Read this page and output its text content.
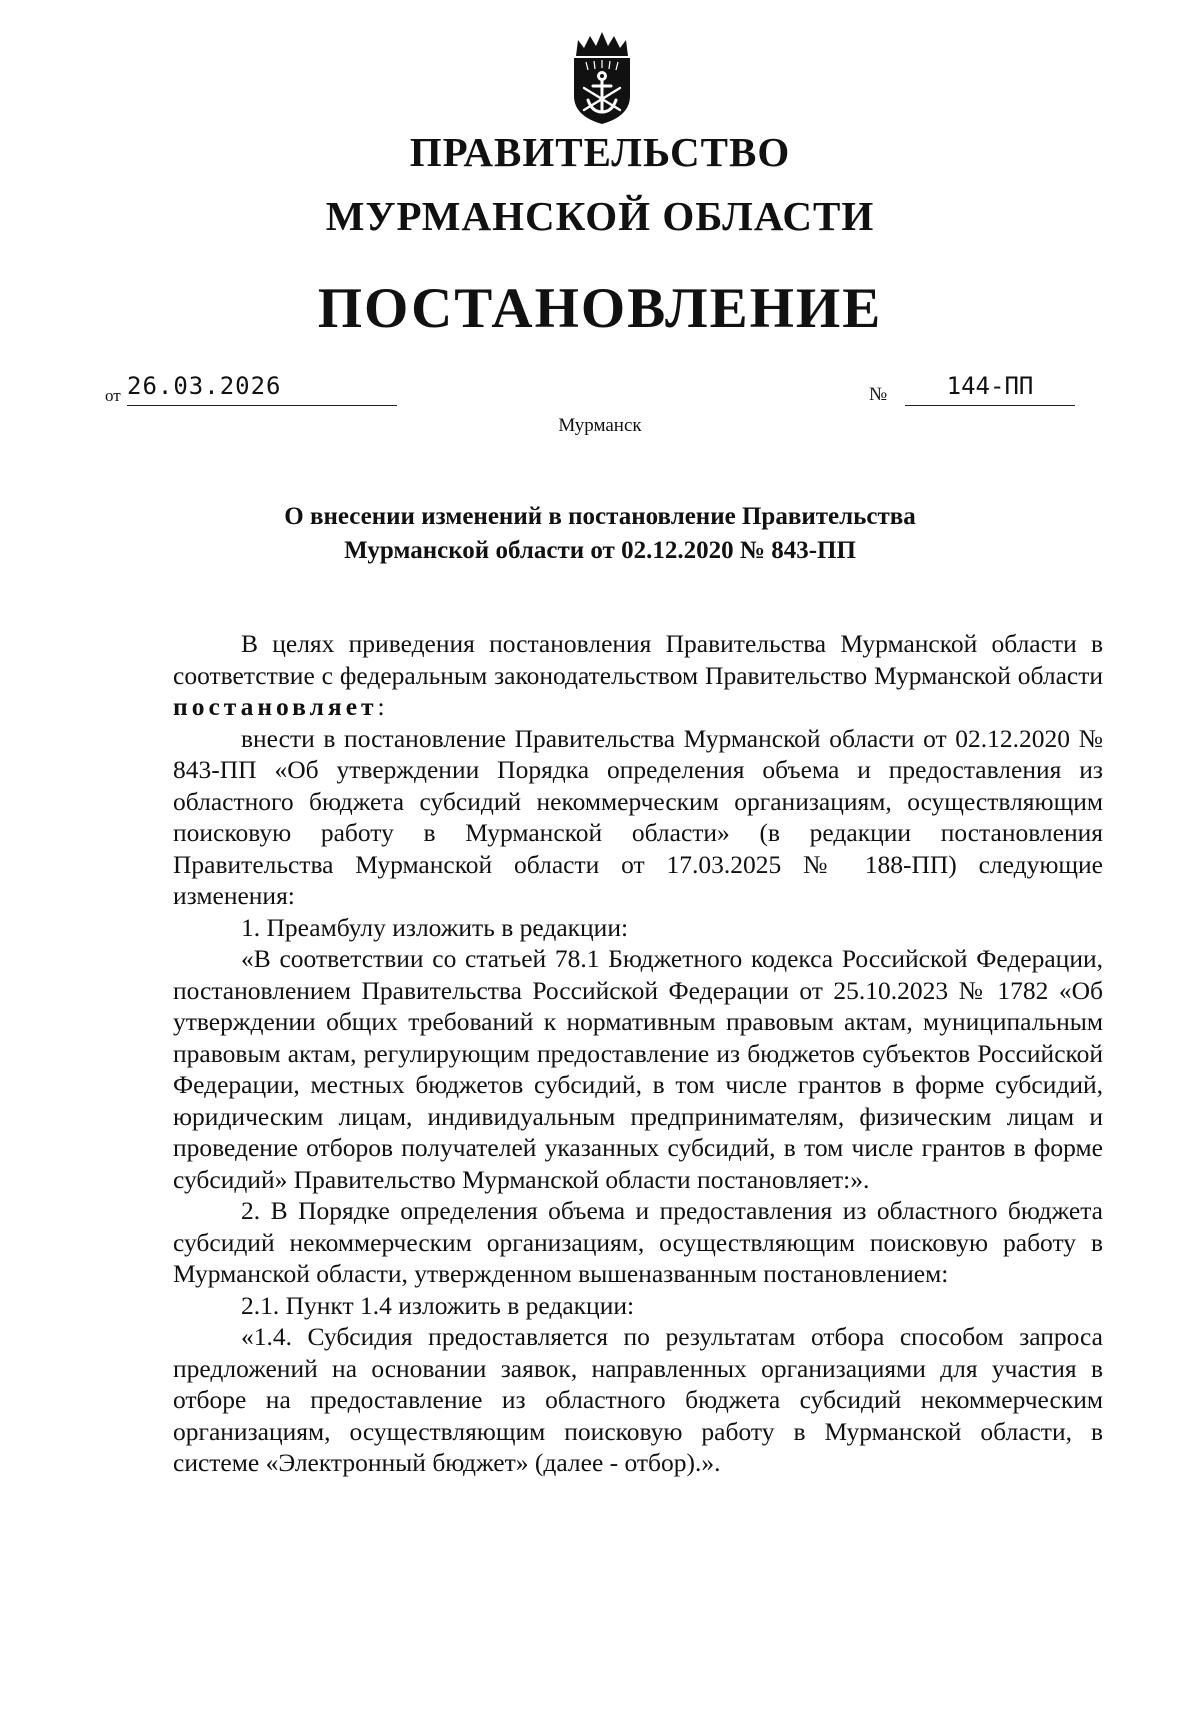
ПРАВИТЕЛЬСТВО
МУРМАНСКОЙ ОБЛАСТИ
ПОСТАНОВЛЕНИЕ
от 26.03.2026	№	144-ПП
Мурманск
О внесении изменений в постановление Правительства
Мурманской области от 02.12.2020 № 843-ПП

В целях приведения постановления Правительства Мурманской области в соответствие с федеральным законодательством Правительство Мурманской области постановляет:

внести в постановление Правительства Мурманской области от 02.12.2020 № 843-ПП «Об утверждении Порядка определения объема и предоставления из областного бюджета субсидий некоммерческим организациям, осуществляющим поисковую работу в Мурманской области» (в редакции постановления Правительства Мурманской области от 17.03.2025 № 188-ПП) следующие изменения:

1. Преамбулу изложить в редакции:

«В соответствии со статьей 78.1 Бюджетного кодекса Российской Федерации, постановлением Правительства Российской Федерации от 25.10.2023 № 1782 «Об утверждении общих требований к нормативным правовым актам, муниципальным правовым актам, регулирующим предоставление из бюджетов субъектов Российской Федерации, местных бюджетов субсидий, в том числе грантов в форме субсидий, юридическим лицам, индивидуальным предпринимателям, физическим лицам и проведение отборов получателей указанных субсидий, в том числе грантов в форме субсидий» Правительство Мурманской области постановляет:».

2. В Порядке определения объема и предоставления из областного бюджета субсидий некоммерческим организациям, осуществляющим поисковую работу в Мурманской области, утвержденном вышеназванным постановлением:

2.1. Пункт 1.4 изложить в редакции:

«1.4. Субсидия предоставляется по результатам отбора способом запроса предложений на основании заявок, направленных организациями для участия в отборе на предоставление из областного бюджета субсидий некоммерческим организациям, осуществляющим поисковую работу в Мурманской области, в системе «Электронный бюджет» (далее - отбор).».
